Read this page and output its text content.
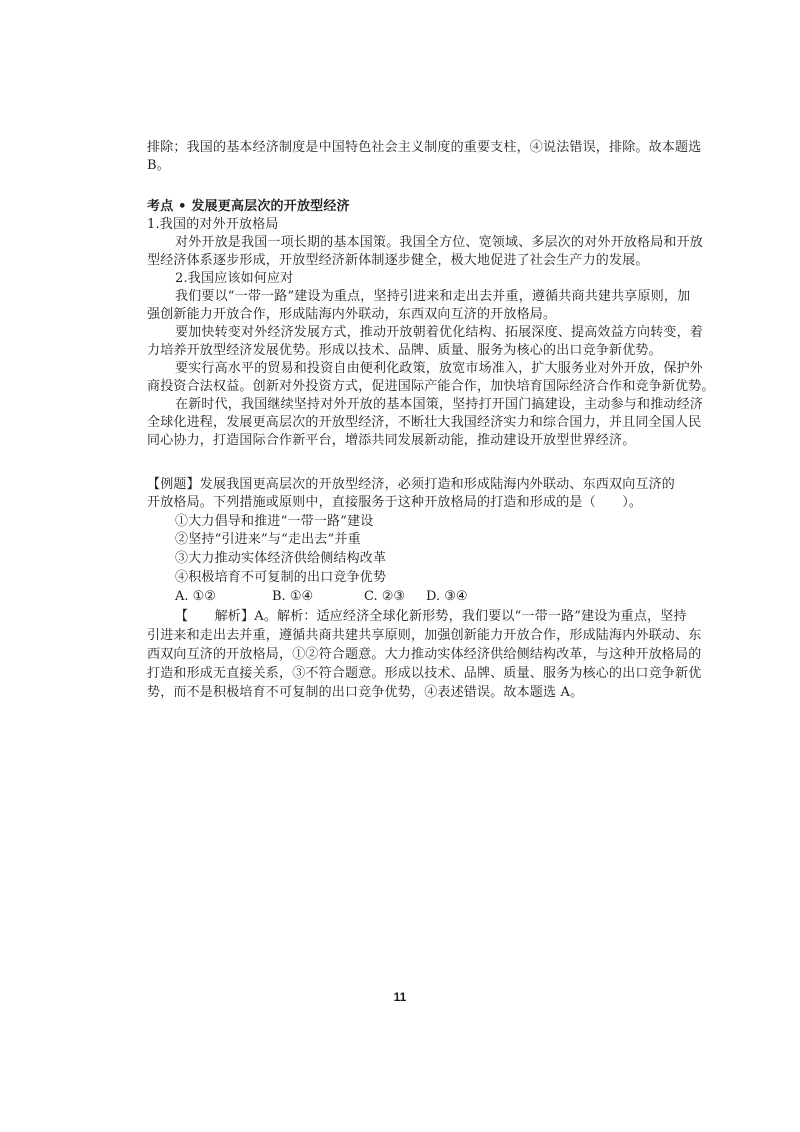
排除；我国的基本经济制度是中国特色社会主义制度的重要支柱，④说法错误，排除。故本题选
B。
考点 • 发展更高层次的开放型经济
1.我国的对外开放格局
对外开放是我国一项长期的基本国策。我国全方位、宽领域、多层次的对外开放格局和开放
型经济体系逐步形成，开放型经济新体制逐步健全，极大地促进了社会生产力的发展。
2.我国应该如何应对
我们要以“一带一路”建设为重点，坚持引进来和走出去并重，遵循共商共建共享原则，加
强创新能力开放合作，形成陆海内外联动，东西双向互济的开放格局。
要加快转变对外经济发展方式，推动开放朝着优化结构、拓展深度、提高效益方向转变，着
力培养开放型经济发展优势。形成以技术、品牌、质量、服务为核心的出口竞争新优势。
要实行高水平的贸易和投资自由便利化政策，放宽市场准入，扩大服务业对外开放，保护外
商投资合法权益。创新对外投资方式，促进国际产能合作，加快培育国际经济合作和竞争新优势。
在新时代，我国继续坚持对外开放的基本国策，坚持打开国门搞建设，主动参与和推动经济
全球化进程，发展更高层次的开放型经济，不断壮大我国经济实力和综合国力，并且同全国人民
同心协力，打造国际合作新平台，增添共同发展新动能，推动建设开放型世界经济。
【例题】发展我国更高层次的开放型经济，必须打造和形成陆海内外联动、东西双向互济的
开放格局。下列措施或原则中，直接服务于这种开放格局的打造和形成的是（　　）。
①大力倡导和推进“一带一路”建设
②坚持“引进来”与“走出去”并重
③大力推动实体经济供给侧结构改革
④积极培育不可复制的出口竞争优势
A. ①②	B. ①④	C. ②③ D. ③④
【　　解析】A。解析：适应经济全球化新形势，我们要以“一带一路”建设为重点，坚持
引进来和走出去并重，遵循共商共建共享原则，加强创新能力开放合作，形成陆海内外联动、东
西双向互济的开放格局，①②符合题意。大力推动实体经济供给侧结构改革，与这种开放格局的
打造和形成无直接关系，③不符合题意。形成以技术、品牌、质量、服务为核心的出口竞争新优
势，而不是积极培育不可复制的出口竞争优势，④表述错误。故本题选 A。
11
